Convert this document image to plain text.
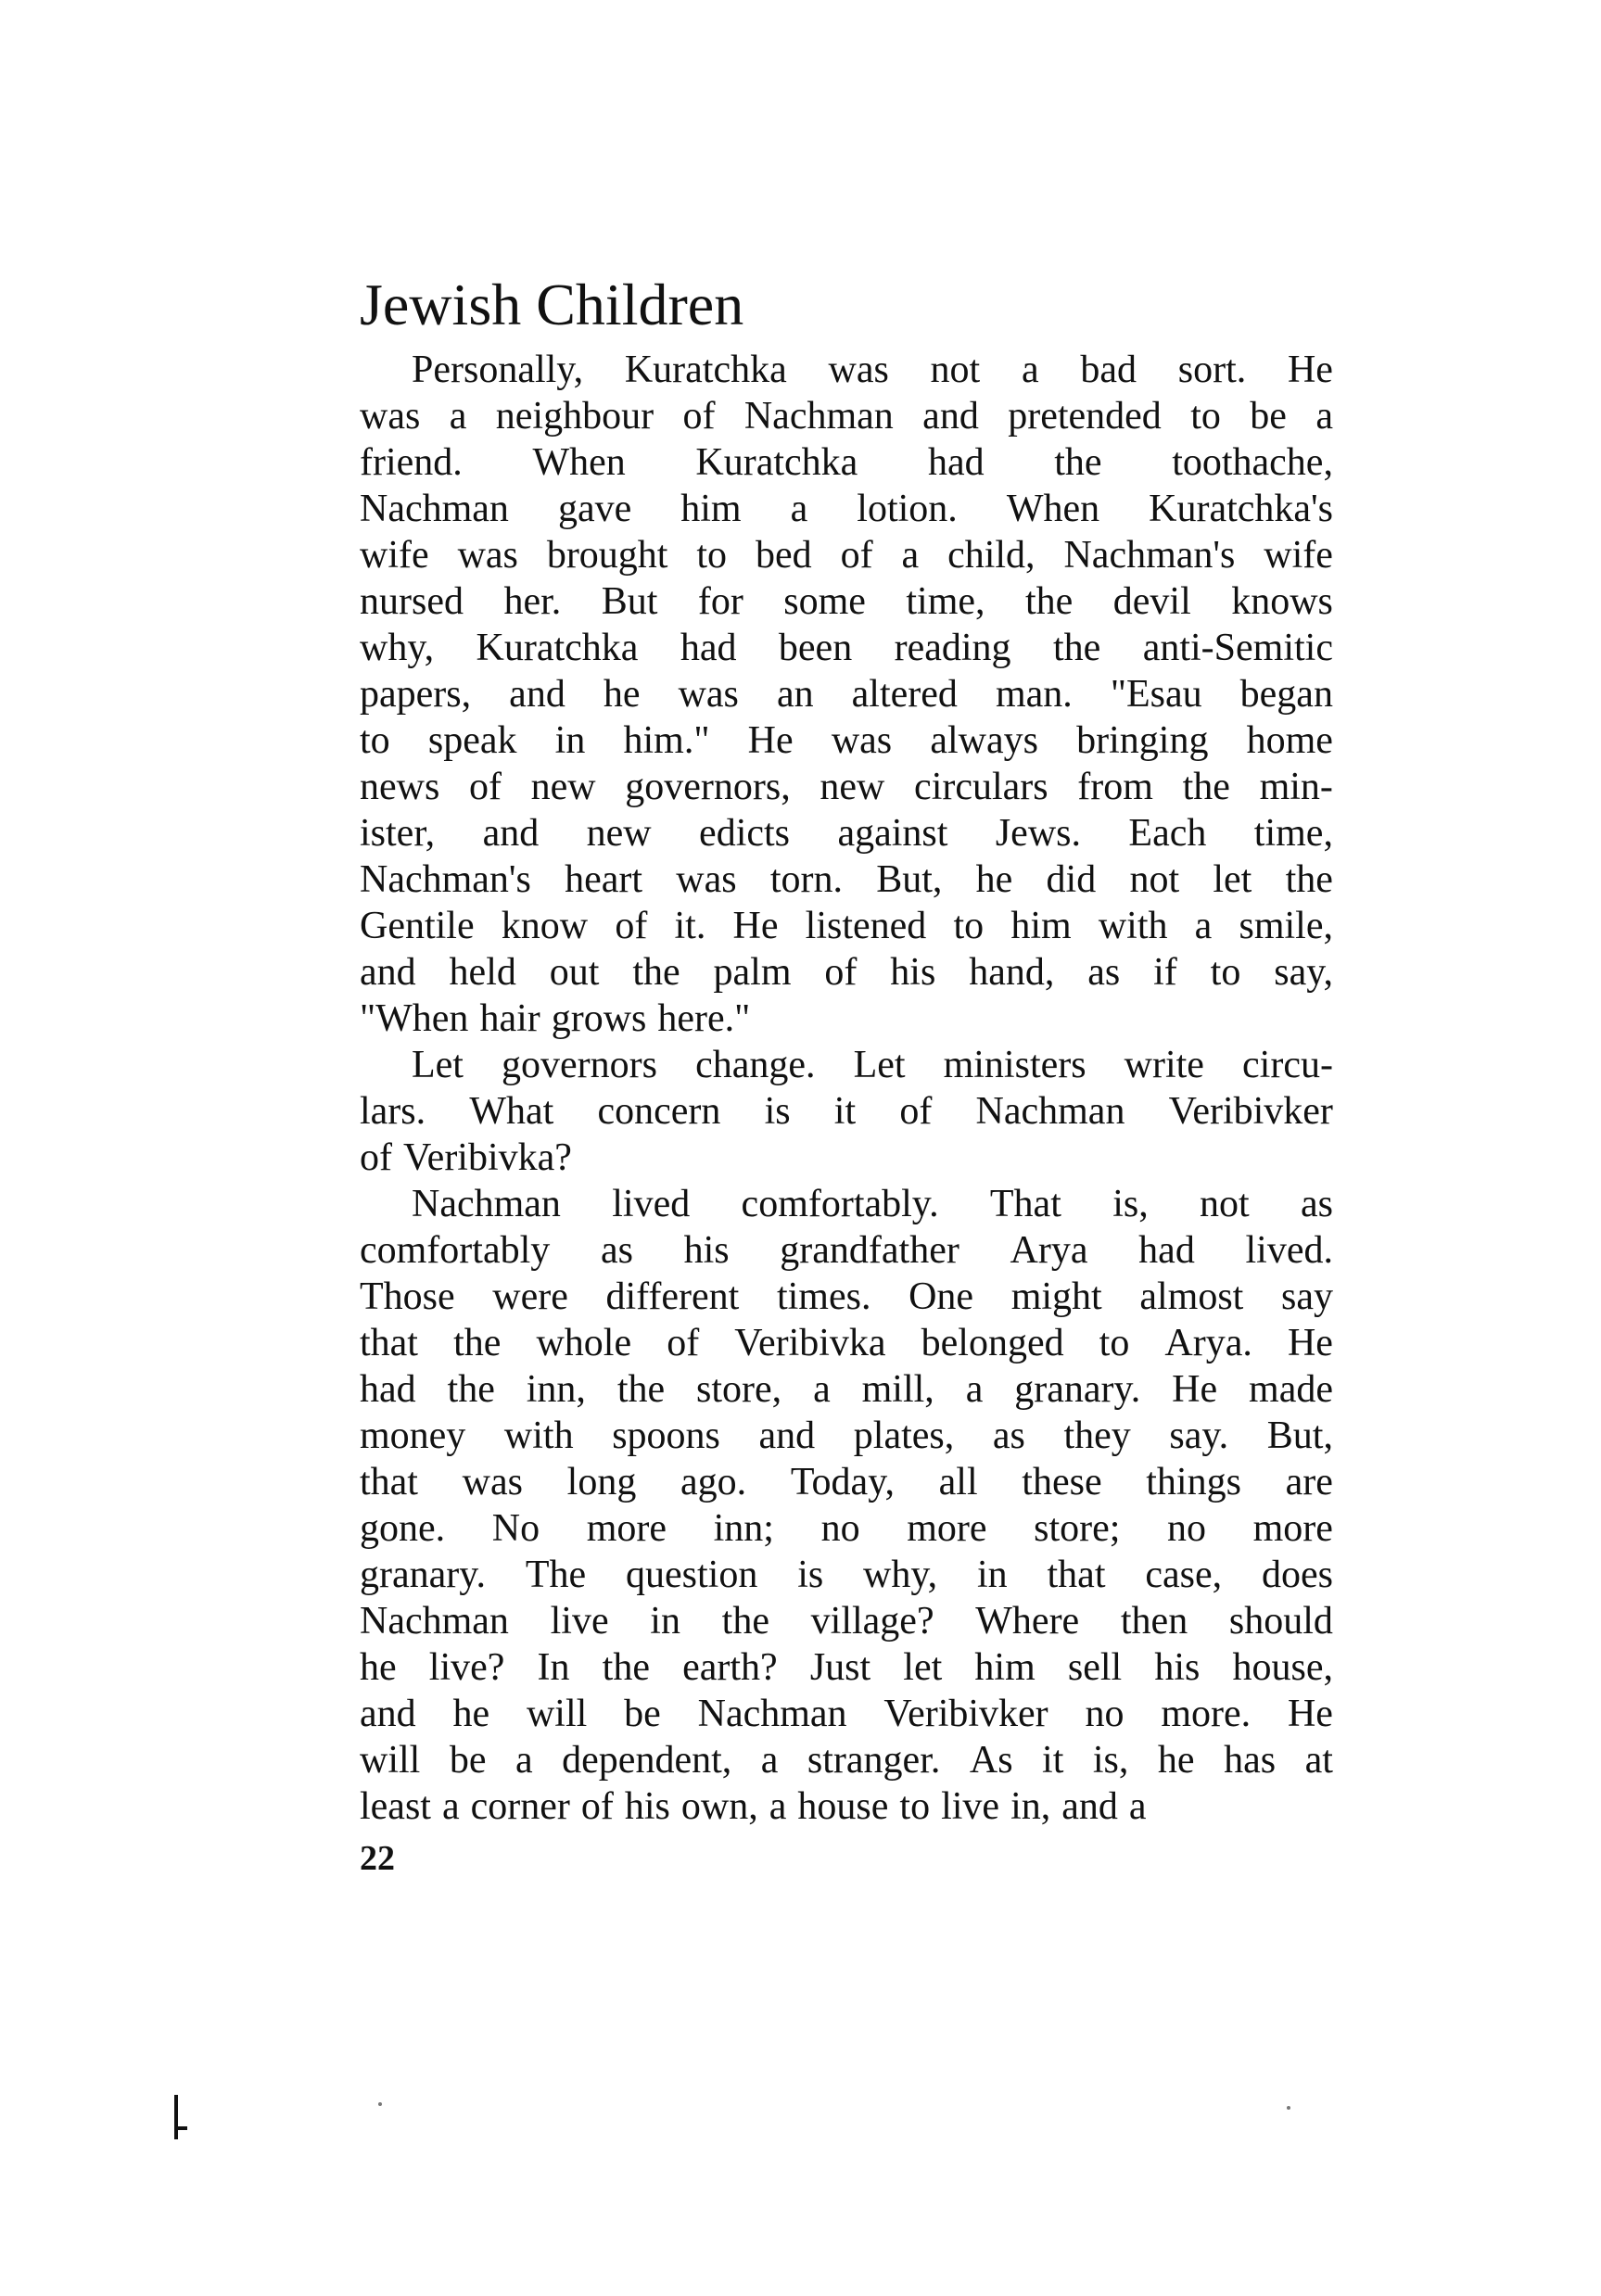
Jewish Children
Personally, Kuratchka was not a bad sort. He
was a neighbour of Nachman and pretended to be a
friend. When Kuratchka had the toothache,
Nachman gave him a lotion. When Kuratchka's
wife was brought to bed of a child, Nachman's wife
nursed her. But for some time, the devil knows
why, Kuratchka had been reading the anti-Semitic
papers, and he was an altered man. "Esau began
to speak in him." He was always bringing home
news of new governors, new circulars from the min-
ister, and new edicts against Jews. Each time,
Nachman's heart was torn. But, he did not let the
Gentile know of it. He listened to him with a smile,
and held out the palm of his hand, as if to say,
"When hair grows here."
Let governors change. Let ministers write circu-
lars. What concern is it of Nachman Veribivker
of Veribivka?
Nachman lived comfortably. That is, not as
comfortably as his grandfather Arya had lived.
Those were different times. One might almost say
that the whole of Veribivka belonged to Arya. He
had the inn, the store, a mill, a granary. He made
money with spoons and plates, as they say. But,
that was long ago. Today, all these things are
gone. No more inn; no more store; no more
granary. The question is why, in that case, does
Nachman live in the village? Where then should
he live? In the earth? Just let him sell his house,
and he will be Nachman Veribivker no more. He
will be a dependent, a stranger. As it is, he has at
least a corner of his own, a house to live in, and a
22
